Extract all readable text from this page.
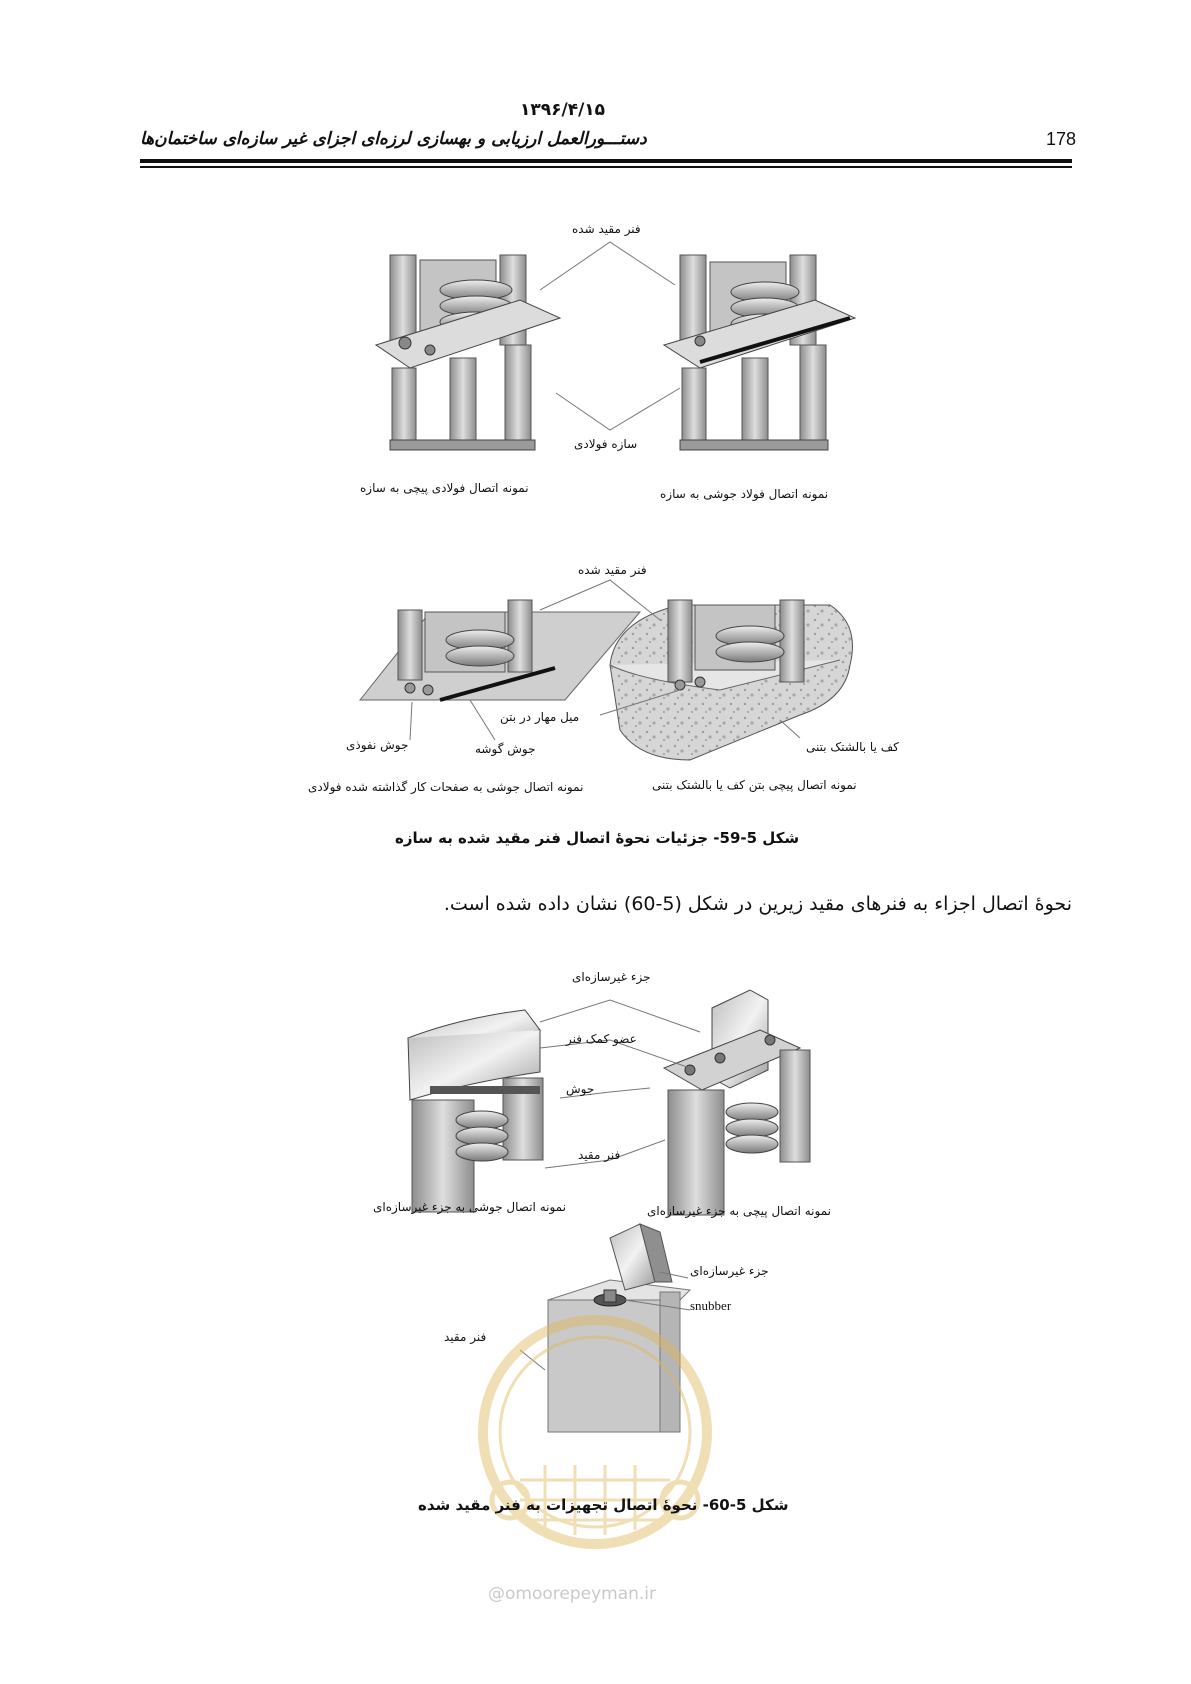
۱۳۹۶/۴/۱۵
دستـــورالعمل ارزیابی و بهسازی لرزه‌ای اجزای غیر سازه‌ای ساختمان‌ها	178
فنر مقید شده
سازه فولادی
نمونه اتصال فولادی پیچی به سازه	نمونه اتصال فولاد جوشی به سازه
فنر مقید شده
میل مهار در بتن
جوش نفوذی	جوش گوشه	کف یا بالشتک بتنی
نمونه اتصال جوشی به صفحات کار گذاشته شده فولادی	نمونه اتصال پیچی بتن کف یا بالشتک بتنی
شکل 5-59- جزئیات نحوهٔ اتصال فنر مقید شده به سازه
نحوهٔ اتصال اجزاء به فنرهای مقید زیرین در شکل (5-60) نشان داده شده است.
جزء غیرسازه‌ای
عضو کمک فنر
جوش
فنر مقید
نمونه اتصال جوشی به جزء غیرسازه‌ای	نمونه اتصال پیچی به جزء غیرسازه‌ای
جزء غیرسازه‌ای
snubber
فنر مقید
شکل 5-60- نحوهٔ اتصال تجهیزات به فنر مقید شده
@omoorepeyman.ir
